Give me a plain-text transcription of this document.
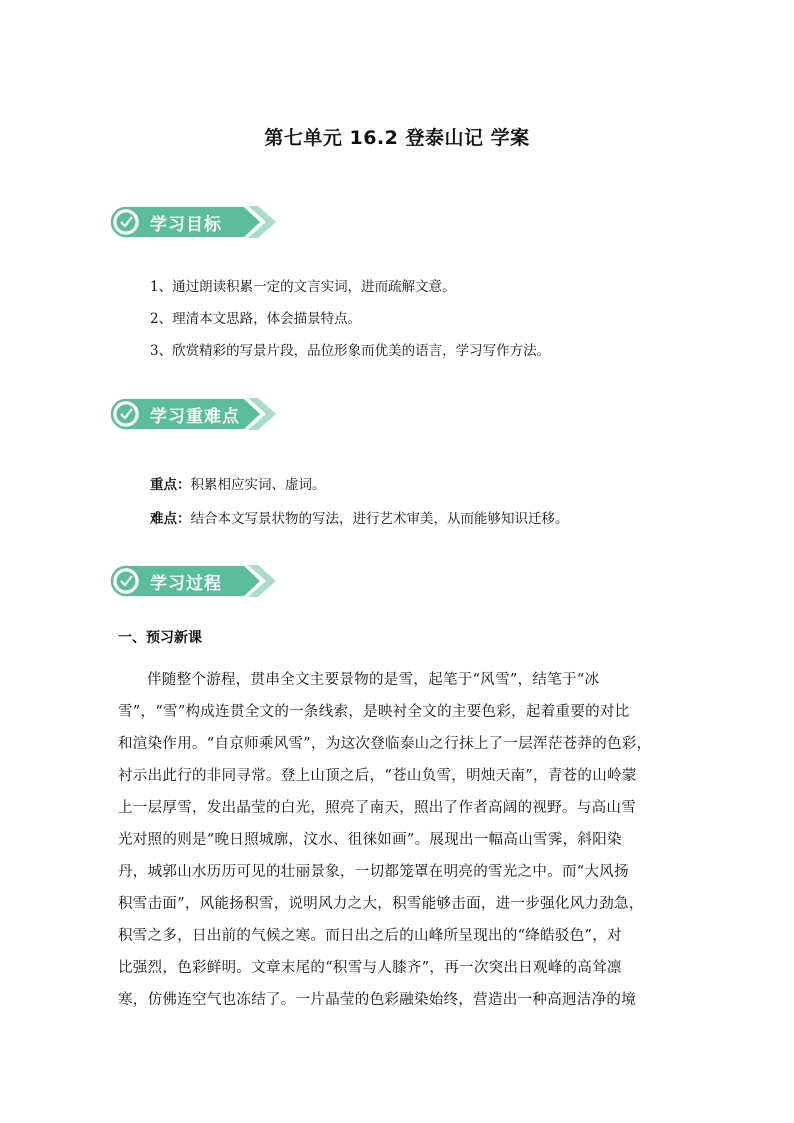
第七单元 16.2 登泰山记 学案
学习目标
1、通过朗读积累一定的文言实词，进而疏解文意。
2、理清本文思路，体会描景特点。
3、欣赏精彩的写景片段，品位形象而优美的语言，学习写作方法。
学习重难点
重点：积累相应实词、虚词。
难点：结合本文写景状物的写法，进行艺术审美，从而能够知识迁移。
学习过程
一、预习新课
伴随整个游程，贯串全文主要景物的是雪，起笔于“风雪”，结笔于“冰
雪”，“雪”构成连贯全文的一条线索，是映衬全文的主要色彩，起着重要的对比
和渲染作用。“自京师乘风雪”，为这次登临泰山之行抹上了一层浑茫苍莽的色彩，
衬示出此行的非同寻常。登上山顶之后，“苍山负雪，明烛天南”，青苍的山岭蒙
上一层厚雪，发出晶莹的白光，照亮了南天，照出了作者高阔的视野。与高山雪
光对照的则是“晚日照城廓，汶水、徂徕如画”。展现出一幅高山雪霁，斜阳染
丹，城郭山水历历可见的壮丽景象，一切都笼罩在明亮的雪光之中。而“大风扬
积雪击面”，风能扬积雪，说明风力之大，积雪能够击面，进一步强化风力劲急，
积雪之多，日出前的气候之寒。而日出之后的山峰所呈现出的“绛皓驳色”，对
比强烈，色彩鲜明。文章末尾的“积雪与人膝齐”，再一次突出日观峰的高耸凛
寒，仿佛连空气也冻结了。一片晶莹的色彩融染始终，营造出一种高迥洁净的境
